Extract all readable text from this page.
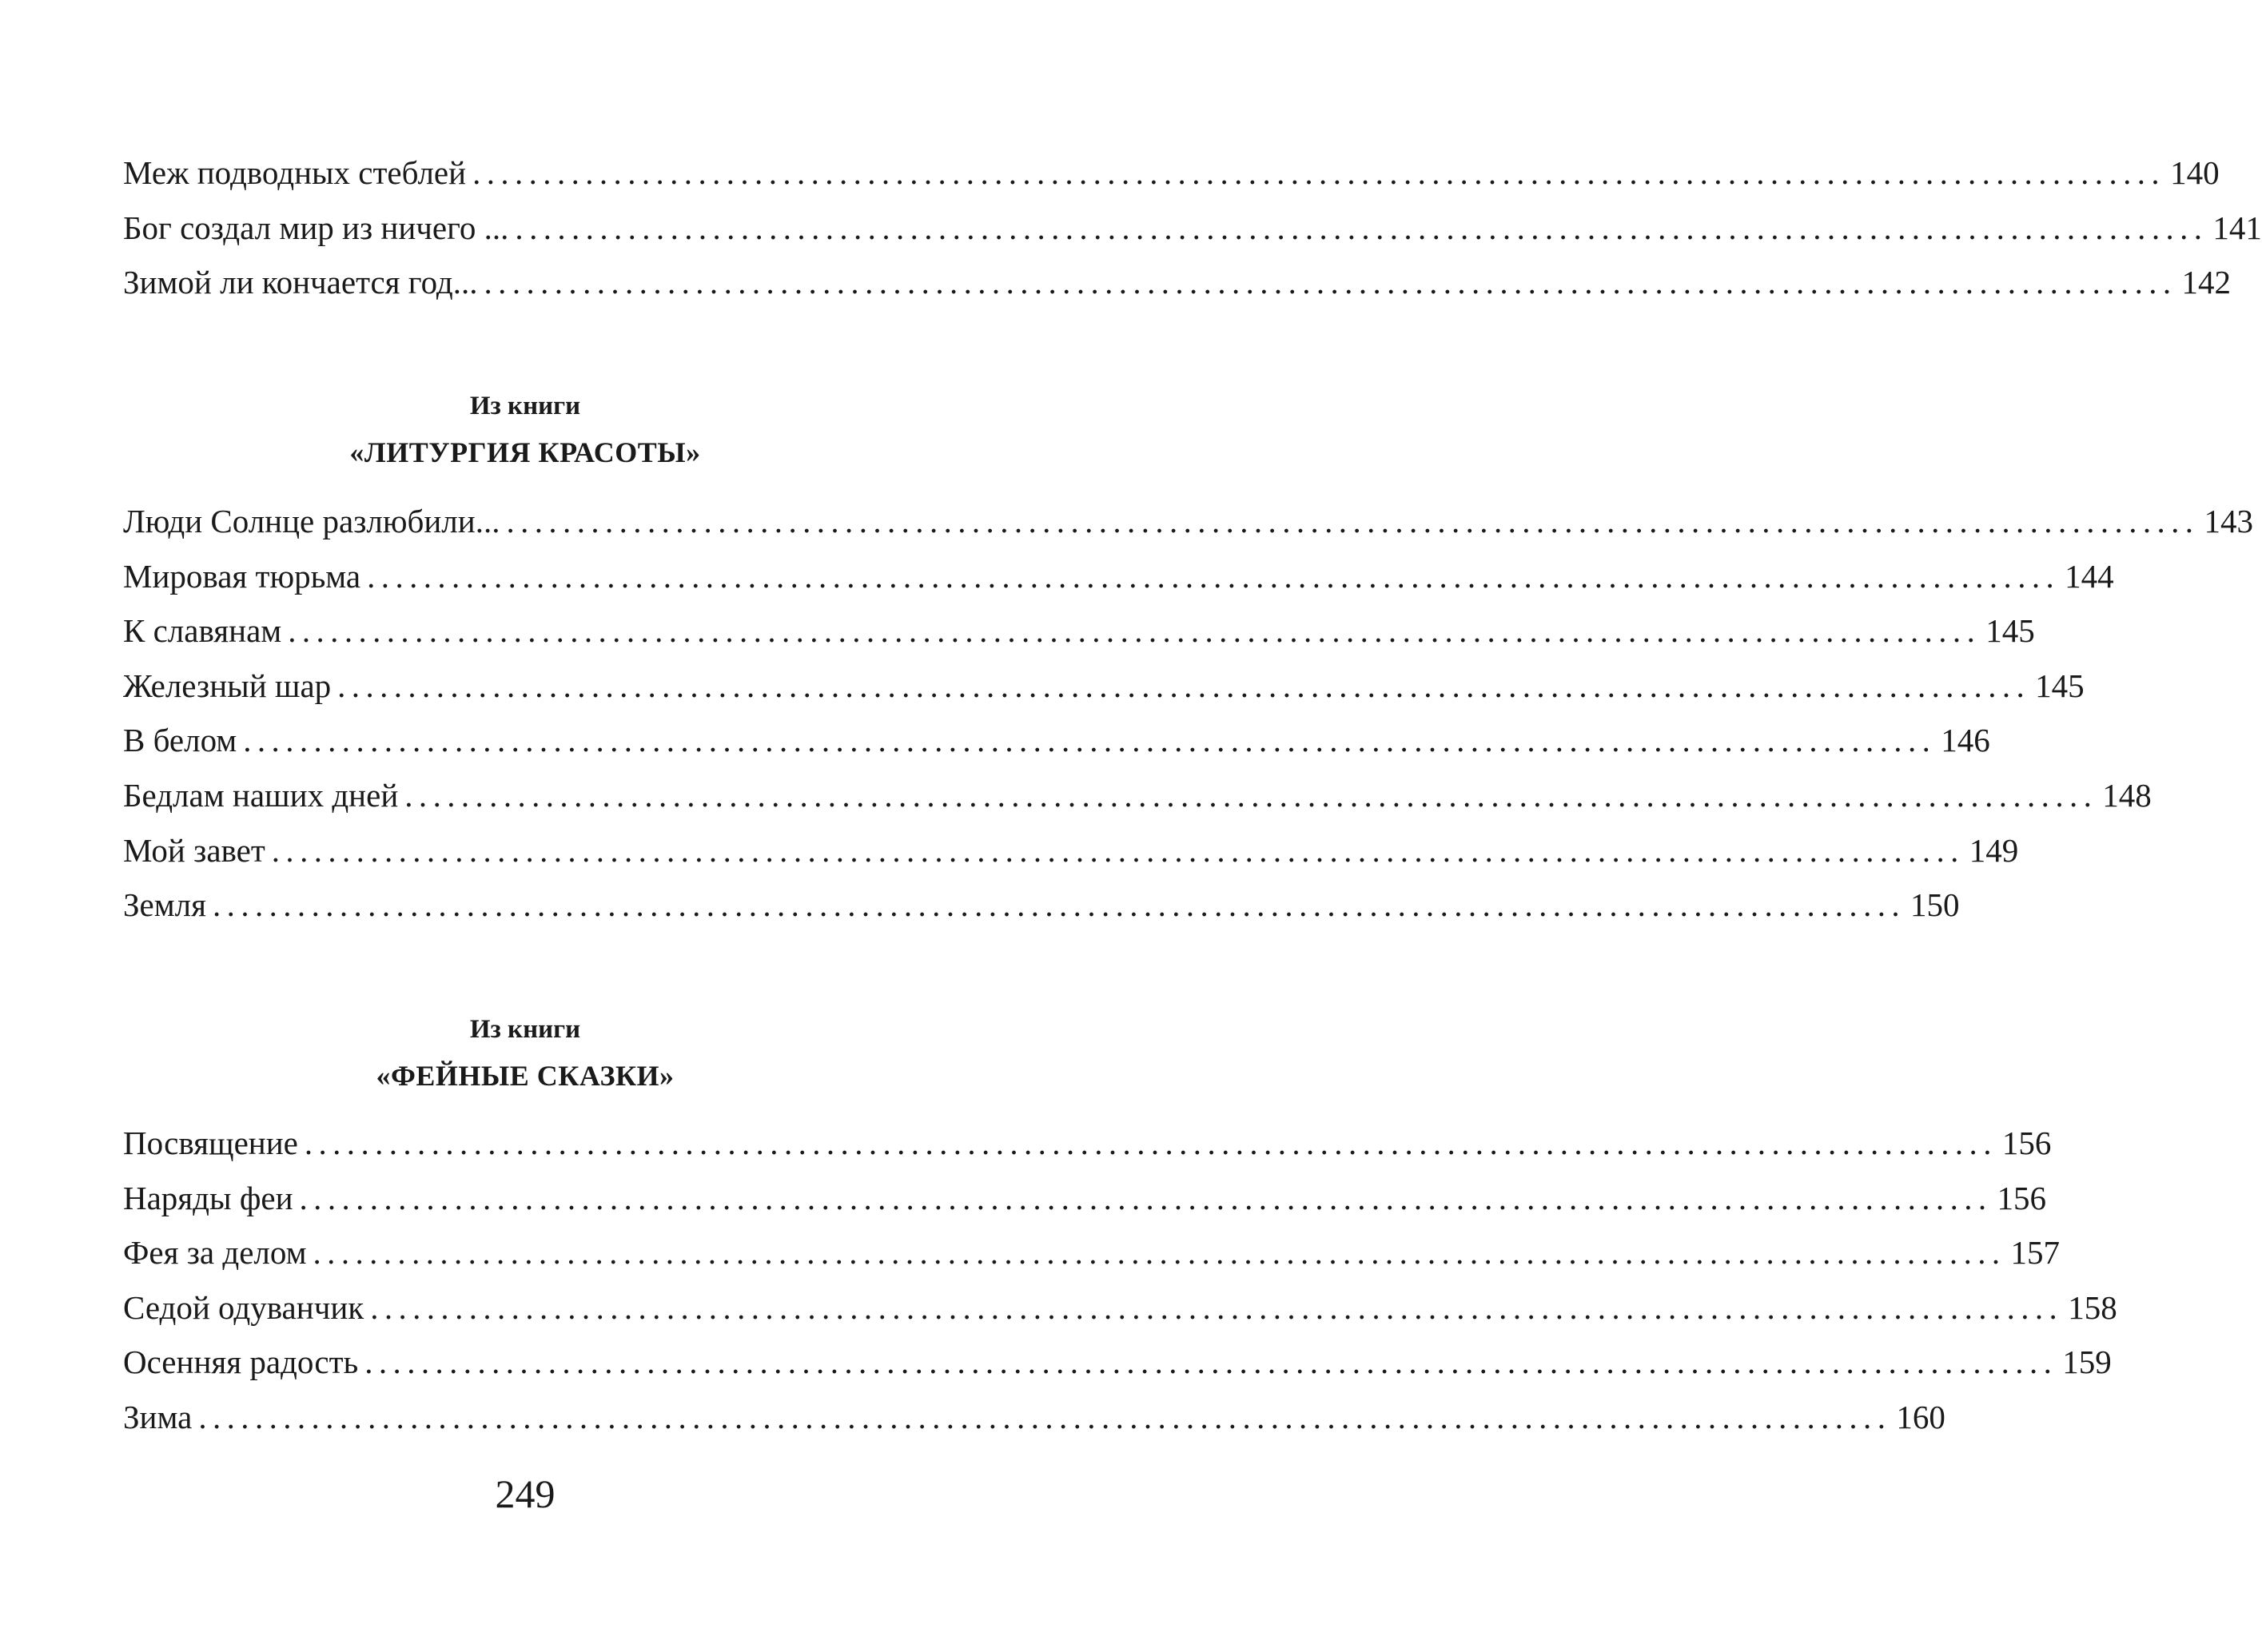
Меж подводных стеблей ........................................................................................................................ 140
Бог создал мир из ничего ... ........................................................................................................................ 141
Зимой ли кончается год... ........................................................................................................................ 142
Из книги
«ЛИТУРГИЯ КРАСОТЫ»
Люди Солнце разлюбили... ........................................................................................................................ 143
Мировая тюрьма ........................................................................................................................ 144
К славянам ........................................................................................................................ 145
Железный шар ........................................................................................................................ 145
В белом ........................................................................................................................ 146
Бедлам наших дней ........................................................................................................................ 148
Мой завет ........................................................................................................................ 149
Земля ........................................................................................................................ 150
Из книги
«ФЕЙНЫЕ СКАЗКИ»
Посвящение ........................................................................................................................ 156
Наряды феи ........................................................................................................................ 156
Фея за делом ........................................................................................................................ 157
Седой одуванчик ........................................................................................................................ 158
Осенняя радость ........................................................................................................................ 159
Зима ........................................................................................................................ 160
249
